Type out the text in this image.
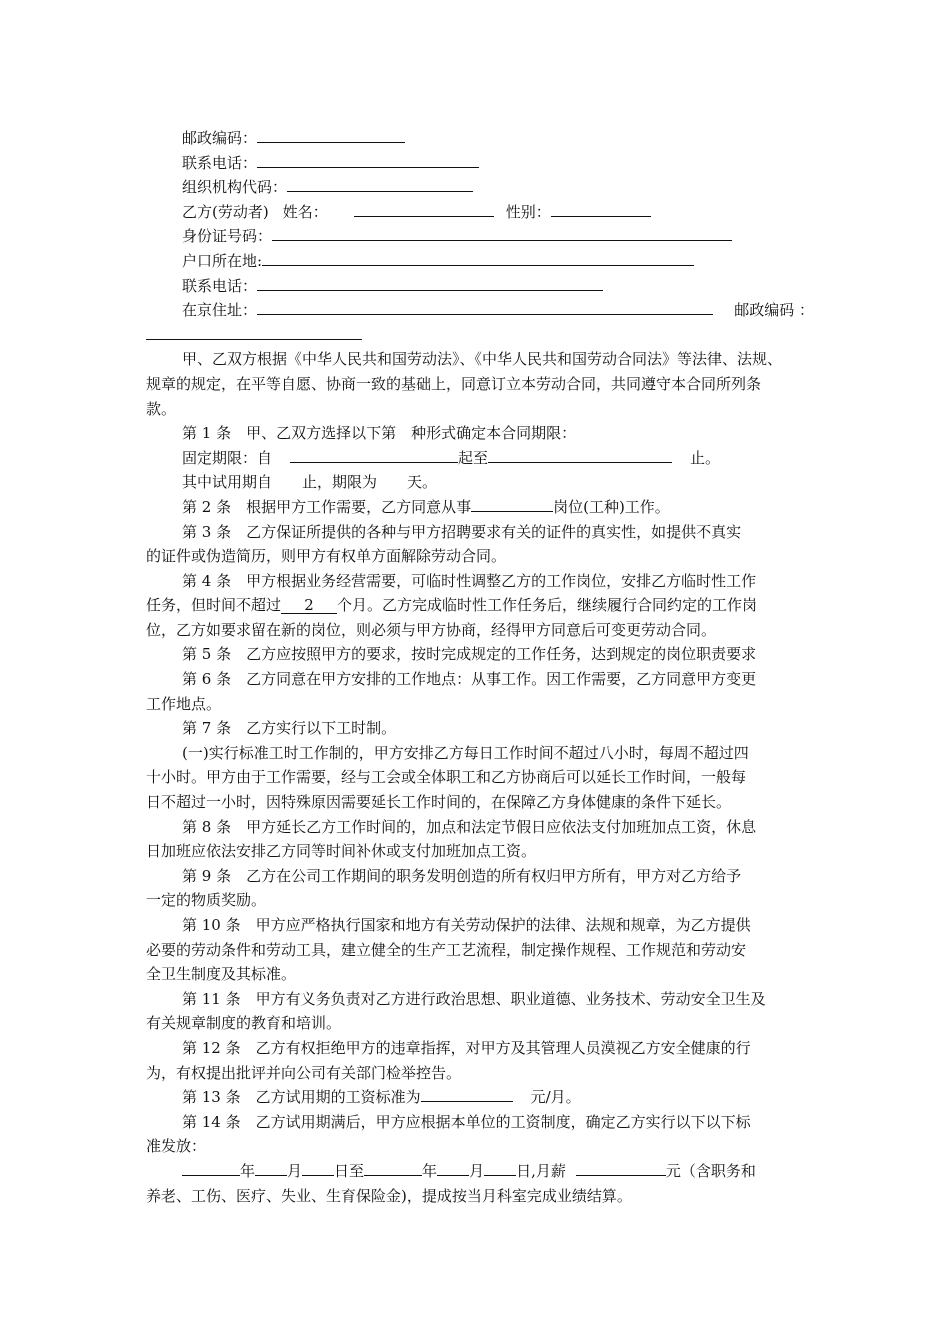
邮政编码：
联系电话：
组织机构代码：
乙方(劳动者) 姓名：	性别：
身份证号码：
户口所在地:
联系电话：
在京住址：	邮政编码 ：
甲、乙双方根据《中华人民共和国劳动法》、《中华人民共和国劳动合同法》等法律、法规、
规章的规定，在平等自愿、协商一致的基础上，同意订立本劳动合同，共同遵守本合同所列条
款。
第 1 条　甲、乙双方选择以下第　种形式确定本合同期限：
固定期限：自	起至	止。
其中试用期自 止，期限为 天。
第 2 条　根据甲方工作需要，乙方同意从事	岗位(工种)工作。
第 3 条　乙方保证所提供的各种与甲方招聘要求有关的证件的真实性，如提供不真实
的证件或伪造简历，则甲方有权单方面解除劳动合同。
第 4 条　甲方根据业务经营需要，可临时性调整乙方的工作岗位，安排乙方临时性工作
任务，但时间不超过 2 个月。乙方完成临时性工作任务后，继续履行合同约定的工作岗
位，乙方如要求留在新的岗位，则必须与甲方协商，经得甲方同意后可变更劳动合同。
第 5 条　乙方应按照甲方的要求，按时完成规定的工作任务，达到规定的岗位职责要求
第 6 条　乙方同意在甲方安排的工作地点：从事工作。因工作需要，乙方同意甲方变更
工作地点。
第 7 条　乙方实行以下工时制。
(一)实行标准工时工作制的，甲方安排乙方每日工作时间不超过八小时，每周不超过四
十小时。甲方由于工作需要，经与工会或全体职工和乙方协商后可以延长工作时间，一般每
日不超过一小时，因特殊原因需要延长工作时间的，在保障乙方身体健康的条件下延长。
第 8 条　甲方延长乙方工作时间的，加点和法定节假日应依法支付加班加点工资，休息
日加班应依法安排乙方同等时间补休或支付加班加点工资。
第 9 条　乙方在公司工作期间的职务发明创造的所有权归甲方所有，甲方对乙方给予
一定的物质奖励。
第 10 条　甲方应严格执行国家和地方有关劳动保护的法律、法规和规章，为乙方提供
必要的劳动条件和劳动工具，建立健全的生产工艺流程，制定操作规程、工作规范和劳动安
全卫生制度及其标准。
第 11 条　甲方有义务负责对乙方进行政治思想、职业道德、业务技术、劳动安全卫生及
有关规章制度的教育和培训。
第 12 条　乙方有权拒绝甲方的违章指挥，对甲方及其管理人员漠视乙方安全健康的行
为，有权提出批评并向公司有关部门检举控告。
第 13 条　乙方试用期的工资标准为	元/月。
第 14 条　乙方试用期满后，甲方应根据本单位的工资制度，确定乙方实行以下以下标
准发放：
年 月 日至	年 月 日,月薪	元（含职务和
养老、工伤、医疗、失业、生育保险金)，提成按当月科室完成业绩结算。
